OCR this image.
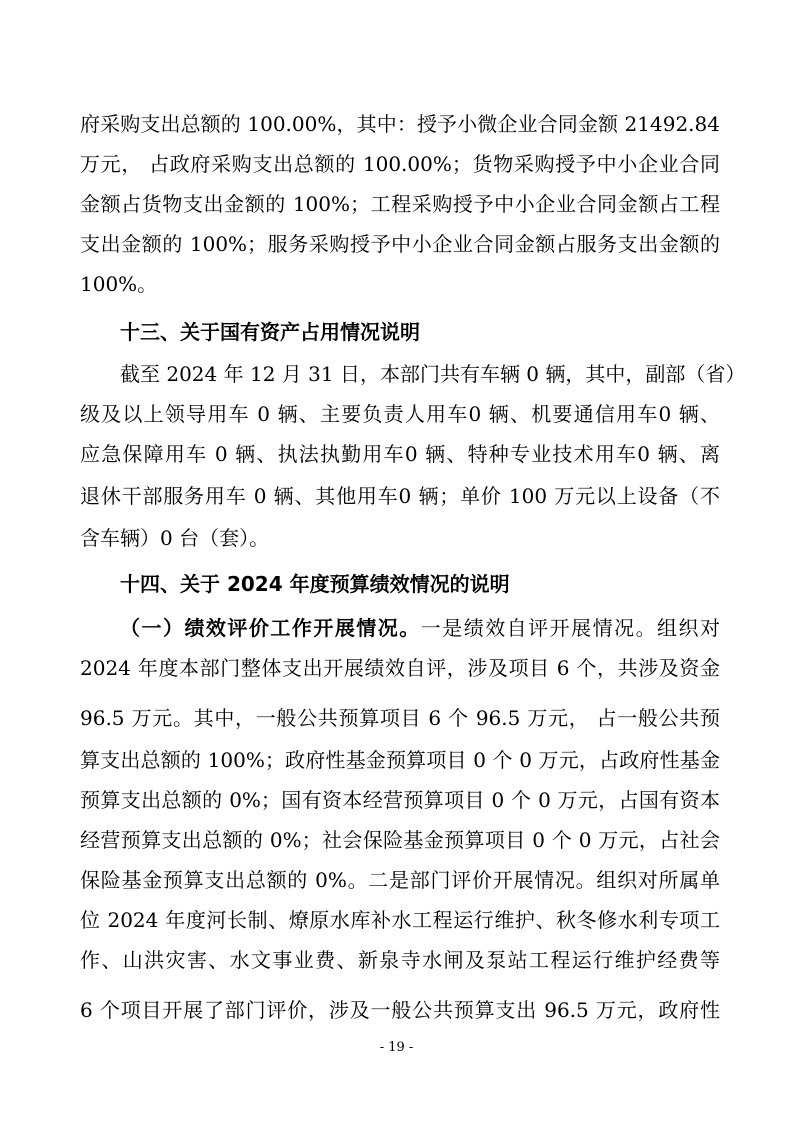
府采购支出总额的 100.00%，其中：授予小微企业合同金额 21492.84
万元， 占政府采购支出总额的 100.00%；货物采购授予中小企业合同
金额占货物支出金额的 100%；工程采购授予中小企业合同金额占工程
支出金额的 100%；服务采购授予中小企业合同金额占服务支出金额的
100%。
十三、关于国有资产占用情况说明
截至 2024 年 12 月 31 日，本部门共有车辆 0 辆，其中，副部（省）
级及以上领导用车 0 辆、主要负责人用车0 辆、机要通信用车0 辆、
应急保障用车 0 辆、执法执勤用车0 辆、特种专业技术用车0 辆、离
退休干部服务用车 0 辆、其他用车0 辆；单价 100 万元以上设备（不
含车辆）0 台（套）。
十四、关于 2024 年度预算绩效情况的说明
（一）绩效评价工作开展情况。一是绩效自评开展情况。组织对
2024 年度本部门整体支出开展绩效自评，涉及项目 6 个，共涉及资金
96.5 万元。其中，一般公共预算项目 6 个 96.5 万元， 占一般公共预
算支出总额的 100%；政府性基金预算项目 0 个 0 万元，占政府性基金
预算支出总额的 0%；国有资本经营预算项目 0 个 0 万元，占国有资本
经营预算支出总额的 0%；社会保险基金预算项目 0 个 0 万元，占社会
保险基金预算支出总额的 0%。二是部门评价开展情况。组织对所属单
位 2024 年度河长制、燎原水库补水工程运行维护、秋冬修水利专项工
作、山洪灾害、水文事业费、新泉寺水闸及泵站工程运行维护经费等
6 个项目开展了部门评价，涉及一般公共预算支出 96.5 万元，政府性
- 19 -
